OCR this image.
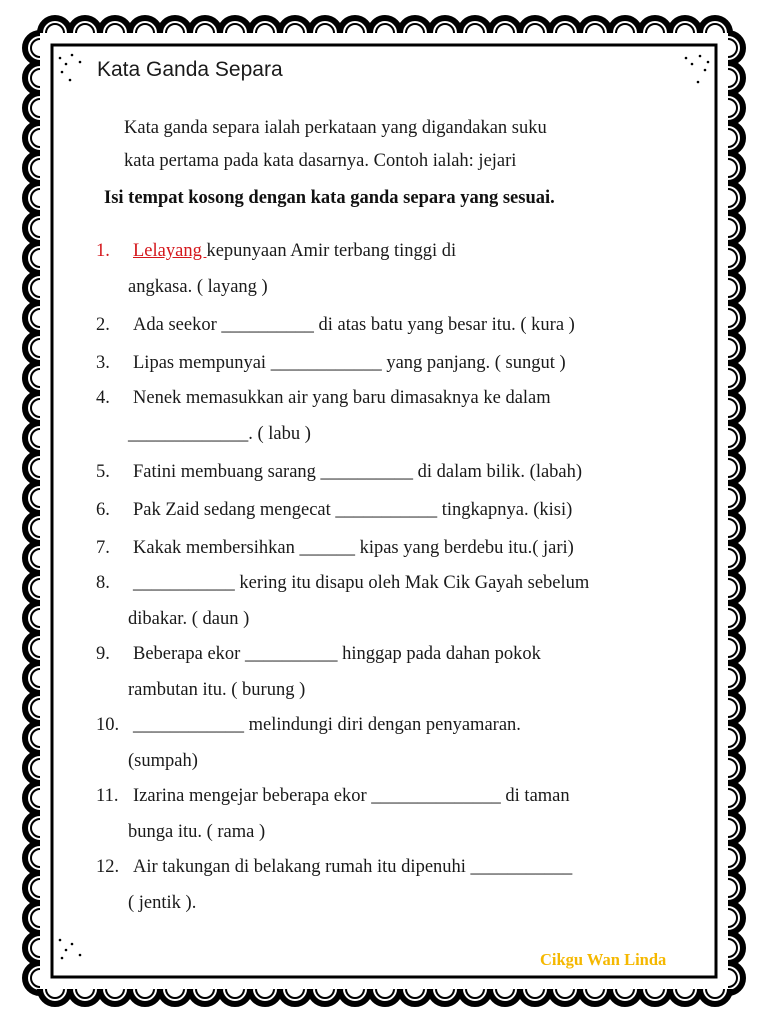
Kata Ganda Separa
Kata ganda separa ialah perkataan yang digandakan suku
kata pertama pada kata dasarnya. Contoh ialah: jejari
Isi tempat kosong dengan kata ganda separa yang sesuai.
1. Lelayang kepunyaan Amir terbang tinggi di
angkasa. ( layang )
2. Ada seekor __________ di atas batu yang besar itu. ( kura )
3. Lipas mempunyai ____________ yang panjang. ( sungut )
4. Nenek memasukkan air yang baru dimasaknya ke dalam
_____________. ( labu )
5. Fatini membuang sarang __________ di dalam bilik. (labah)
6. Pak Zaid sedang mengecat ___________ tingkapnya. (kisi)
7. Kakak membersihkan ______ kipas yang berdebu itu.( jari)
8. ___________ kering itu disapu oleh Mak Cik Gayah sebelum
dibakar. ( daun )
9. Beberapa ekor __________ hinggap pada dahan pokok
rambutan itu. ( burung )
10. ____________ melindungi diri dengan penyamaran.
(sumpah)
11. Izarina mengejar beberapa ekor ______________ di taman
bunga itu. ( rama )
12. Air takungan di belakang rumah itu dipenuhi ___________
( jentik ).
Cikgu Wan Linda
